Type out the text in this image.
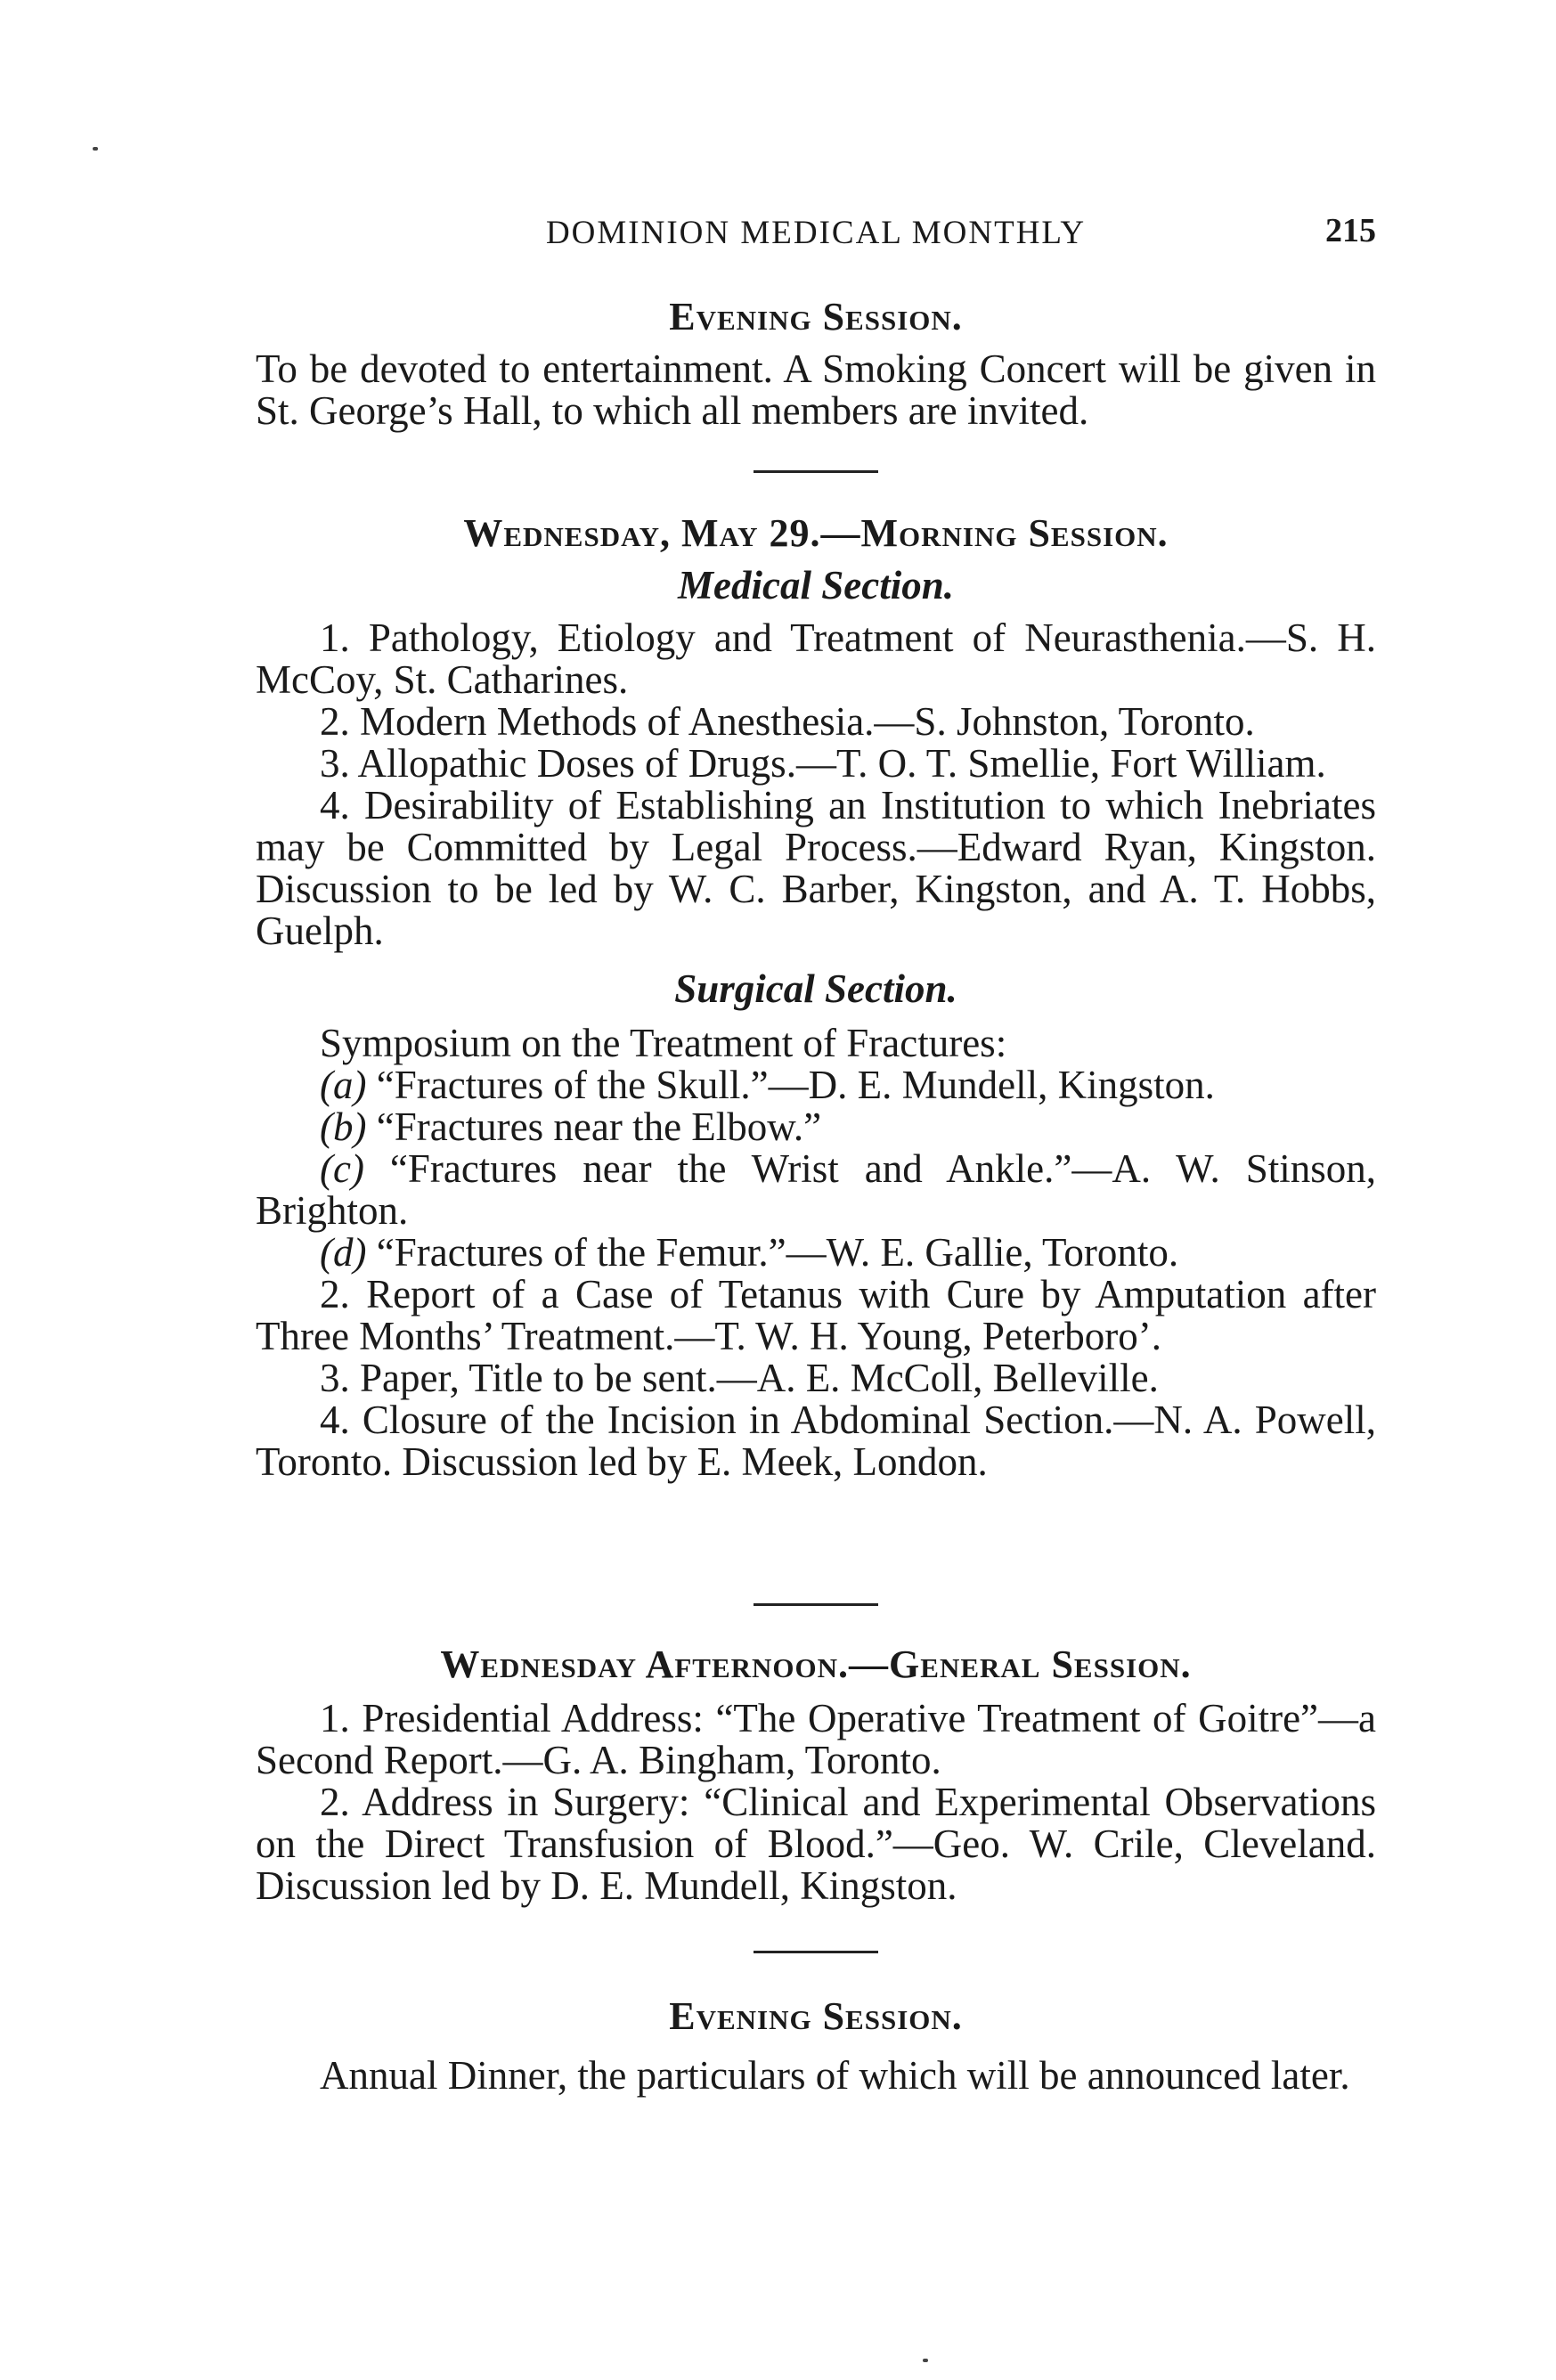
DOMINION MEDICAL MONTHLY	215
Evening Session.

To be devoted to entertainment. A Smoking Concert will be given in St. George’s Hall, to which all members are invited.

Wednesday, May 29.—Morning Session.
Medical Section.

1. Pathology, Etiology and Treatment of Neurasthenia.—S. H. McCoy, St. Catharines.

2. Modern Methods of Anesthesia.—S. Johnston, Toronto.

3. Allopathic Doses of Drugs.—T. O. T. Smellie, Fort William.

4. Desirability of Establishing an Institution to which Inebriates may be Committed by Legal Process.—Edward Ryan, Kingston. Discussion to be led by W. C. Barber, Kingston, and A. T. Hobbs, Guelph.

Surgical Section.

Symposium on the Treatment of Fractures:

(a) “Fractures of the Skull.”—D. E. Mundell, Kingston.

(b) “Fractures near the Elbow.”

(c) “Fractures near the Wrist and Ankle.”—A. W. Stinson, Brighton.

(d) “Fractures of the Femur.”—W. E. Gallie, Toronto.

2. Report of a Case of Tetanus with Cure by Amputation after Three Months’ Treatment.—T. W. H. Young, Peterboro’.

3. Paper, Title to be sent.—A. E. McColl, Belleville.

4. Closure of the Incision in Abdominal Section.—N. A. Powell, Toronto. Discussion led by E. Meek, London.

Wednesday Afternoon.—General Session.

1. Presidential Address: “The Operative Treatment of Goitre”—a Second Report.—G. A. Bingham, Toronto.

2. Address in Surgery: “Clinical and Experimental Observations on the Direct Transfusion of Blood.”—Geo. W. Crile, Cleveland. Discussion led by D. E. Mundell, Kingston.

Evening Session.

Annual Dinner, the particulars of which will be announced later.
